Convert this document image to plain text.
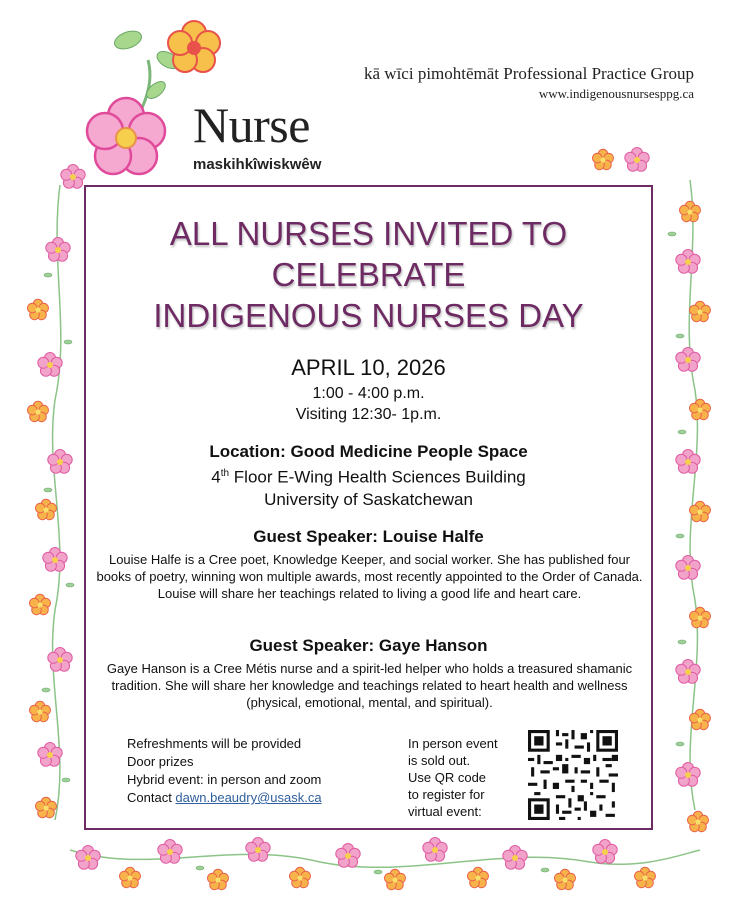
Nurse
maskihkîwiskwêw
kā wīci pimohtēmāt Professional Practice Group
www.indigenousnursesppg.ca
ALL NURSES INVITED TO
CELEBRATE
INDIGENOUS NURSES DAY
APRIL 10, 2026
1:00 - 4:00 p.m.
Visiting 12:30- 1p.m.
Location: Good Medicine People Space
4th Floor E-Wing Health Sciences Building
University of Saskatchewan
Guest Speaker: Louise Halfe
Louise Halfe is a Cree poet, Knowledge Keeper, and social worker. She has published four books of poetry, winning won multiple awards, most recently appointed to the Order of Canada. Louise will share her teachings related to living a good life and heart care.
Guest Speaker: Gaye Hanson
Gaye Hanson is a Cree Métis nurse and a spirit-led helper who holds a treasured shamanic tradition. She will share her knowledge and teachings related to heart health and wellness (physical, emotional, mental, and spiritual).
Refreshments will be provided
Door prizes
Hybrid event: in person and zoom
Contact dawn.beaudry@usask.ca
In person event
is sold out.
Use QR code
to register for
virtual event:
